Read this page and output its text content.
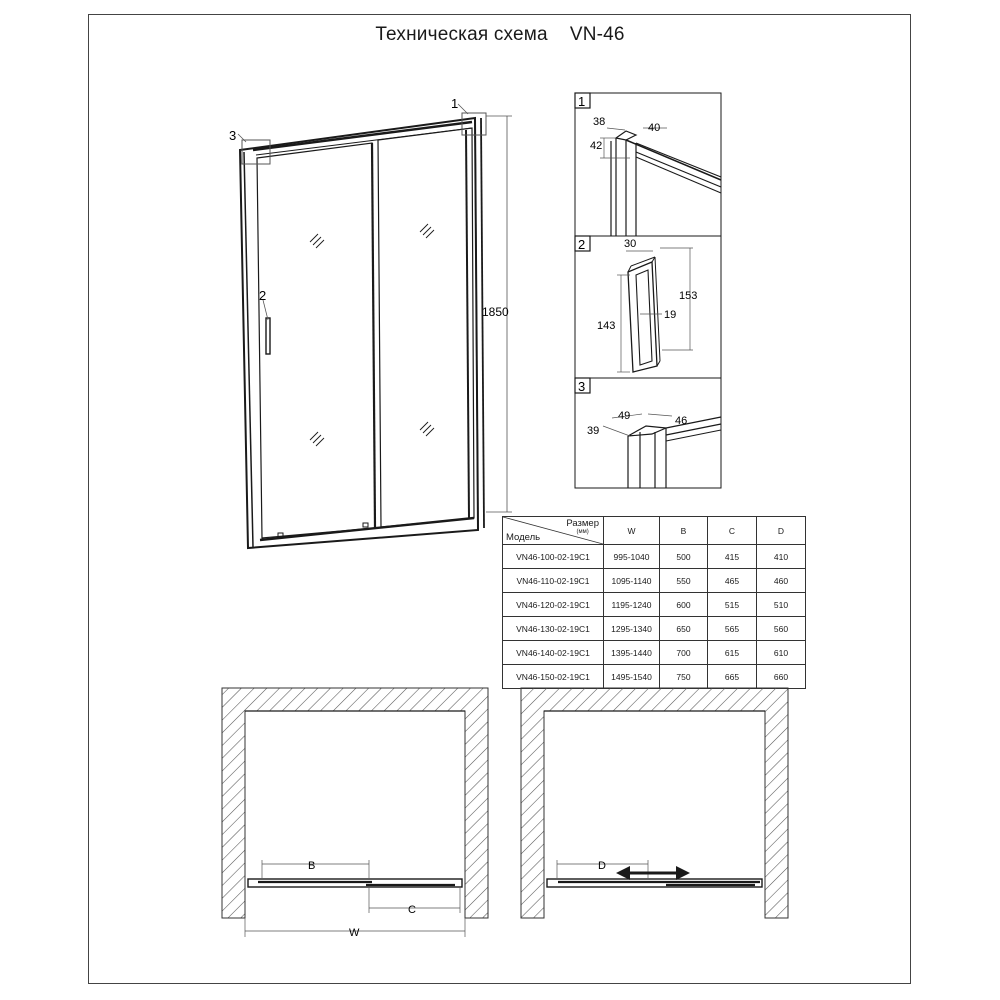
Техническая схема VN-46
1
3
2
1850
1
38	40
42
2	30
153
143
19
3
49	46
39
Размер
(мм)
Модель	W	B	C	D
VN46-100-02-19C1	995-1040	500	415	410
VN46-110-02-19C1	1095-1140	550	465	460
VN46-120-02-19C1	1195-1240	600	515	510
VN46-130-02-19C1	1295-1340	650	565	560
VN46-140-02-19C1	1395-1440	700	615	610
VN46-150-02-19C1	1495-1540	750	665	660
B
C
W
D
